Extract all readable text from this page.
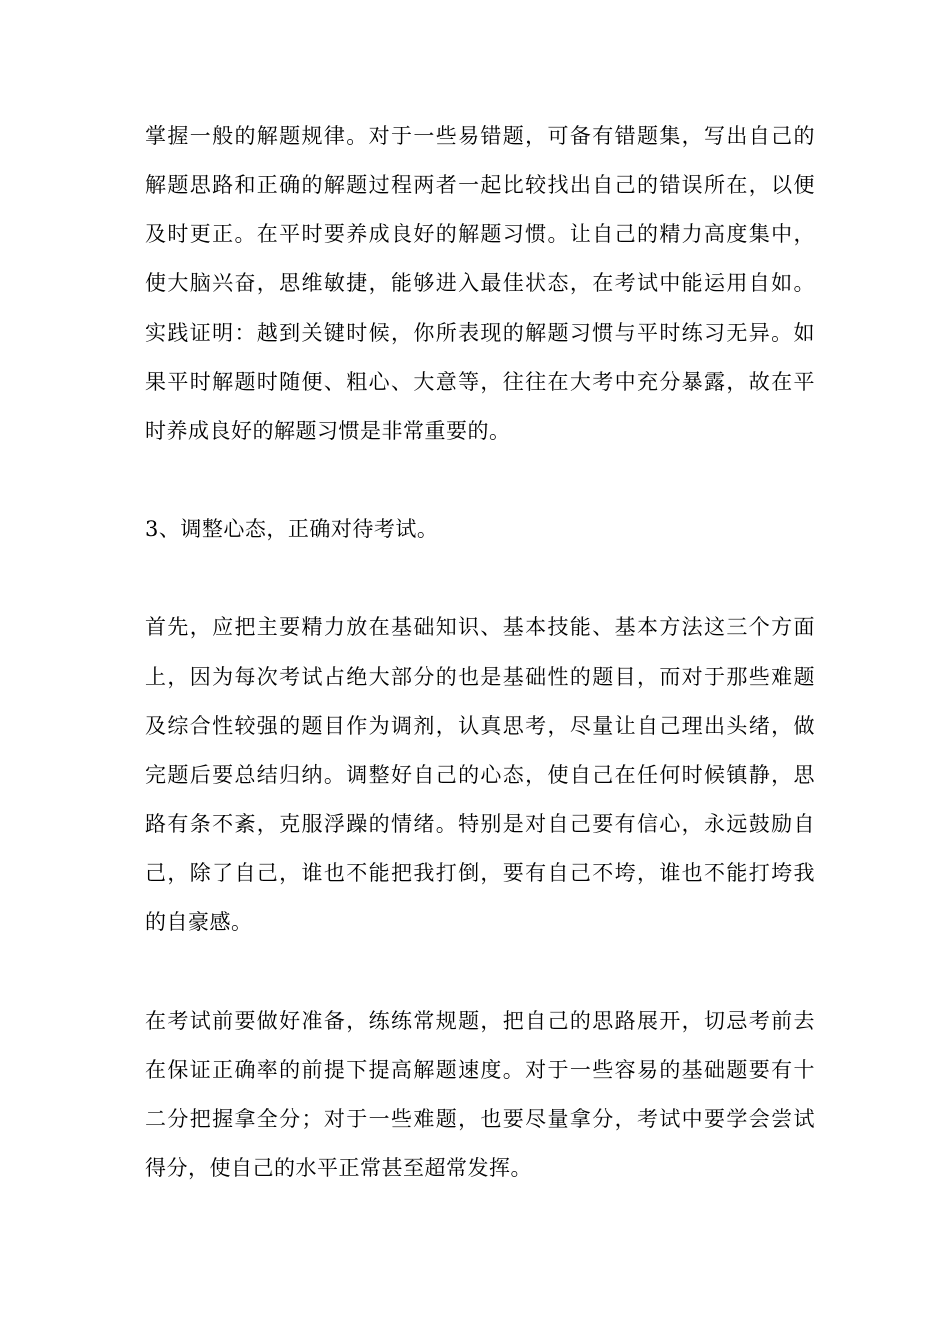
掌握一般的解题规律。对于一些易错题，可备有错题集，写出自己的
解题思路和正确的解题过程两者一起比较找出自己的错误所在，以便
及时更正。在平时要养成良好的解题习惯。让自己的精力高度集中，
使大脑兴奋，思维敏捷，能够进入最佳状态，在考试中能运用自如。
实践证明：越到关键时候，你所表现的解题习惯与平时练习无异。如
果平时解题时随便、粗心、大意等，往往在大考中充分暴露，故在平
时养成良好的解题习惯是非常重要的。
3、调整心态，正确对待考试。
首先，应把主要精力放在基础知识、基本技能、基本方法这三个方面
上，因为每次考试占绝大部分的也是基础性的题目，而对于那些难题
及综合性较强的题目作为调剂，认真思考，尽量让自己理出头绪，做
完题后要总结归纳。调整好自己的心态，使自己在任何时候镇静，思
路有条不紊，克服浮躁的情绪。特别是对自己要有信心，永远鼓励自
己，除了自己，谁也不能把我打倒，要有自己不垮，谁也不能打垮我
的自豪感。
在考试前要做好准备，练练常规题，把自己的思路展开，切忌考前去
在保证正确率的前提下提高解题速度。对于一些容易的基础题要有十
二分把握拿全分；对于一些难题，也要尽量拿分，考试中要学会尝试
得分，使自己的水平正常甚至超常发挥。
